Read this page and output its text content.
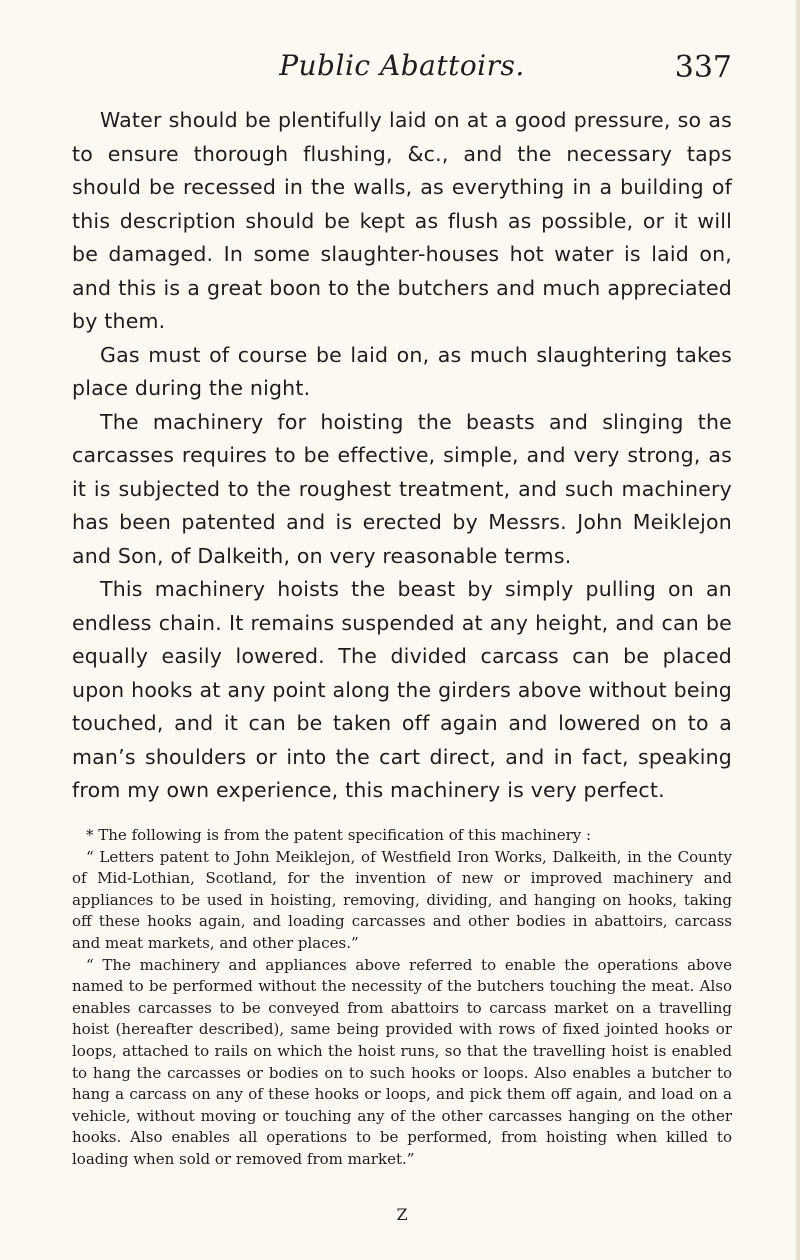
Public Abattoirs.	337

Water should be plentifully laid on at a good pressure, so as to ensure thorough flushing, &c., and the necessary taps should be recessed in the walls, as everything in a building of this description should be kept as flush as possible, or it will be damaged. In some slaughter-houses hot water is laid on, and this is a great boon to the butchers and much appreciated by them.

Gas must of course be laid on, as much slaughtering takes place during the night.

The machinery for hoisting the beasts and slinging the carcasses requires to be effective, simple, and very strong, as it is subjected to the roughest treatment, and such machinery has been patented and is erected by Messrs. John Meiklejon and Son, of Dalkeith, on very reasonable terms.

This machinery hoists the beast by simply pulling on an endless chain. It remains suspended at any height, and can be equally easily lowered. The divided carcass can be placed upon hooks at any point along the girders above without being touched, and it can be taken off again and lowered on to a man’s shoulders or into the cart direct, and in fact, speaking from my own experience, this machinery is very perfect.

* The following is from the patent specification of this machinery :

“ Letters patent to John Meiklejon, of Westfield Iron Works, Dalkeith, in the County of Mid-Lothian, Scotland, for the invention of new or improved machinery and appliances to be used in hoisting, removing, dividing, and hanging on hooks, taking off these hooks again, and loading carcasses and other bodies in abattoirs, carcass and meat markets, and other places.”

“ The machinery and appliances above referred to enable the operations above named to be performed without the necessity of the butchers touching the meat. Also enables carcasses to be conveyed from abattoirs to carcass market on a travelling hoist (hereafter described), same being provided with rows of fixed jointed hooks or loops, attached to rails on which the hoist runs, so that the travelling hoist is enabled to hang the carcasses or bodies on to such hooks or loops. Also enables a butcher to hang a carcass on any of these hooks or loops, and pick them off again, and load on a vehicle, without moving or touching any of the other carcasses hanging on the other hooks. Also enables all operations to be performed, from hoisting when killed to loading when sold or removed from market.”

Z
